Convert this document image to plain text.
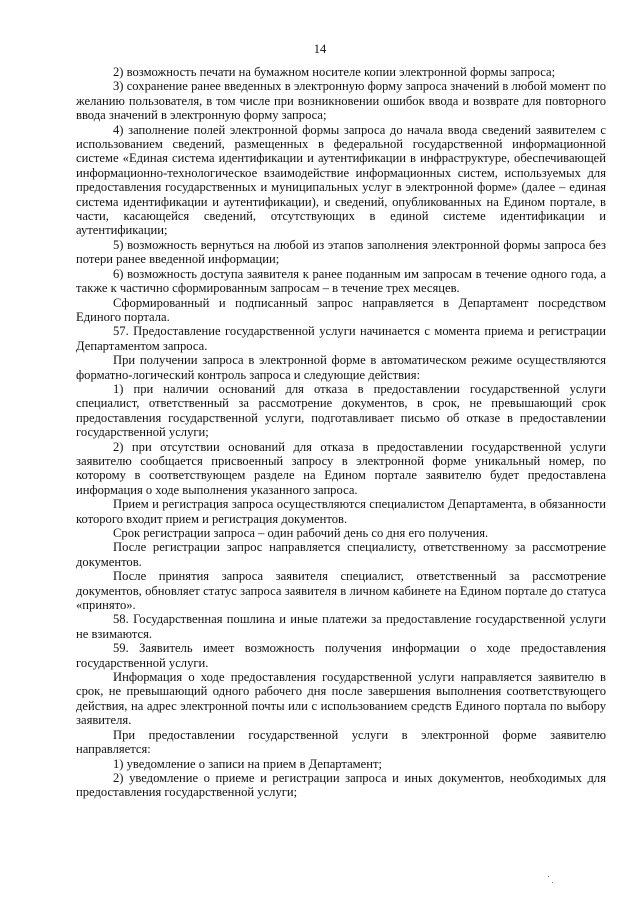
14

2) возможность печати на бумажном носителе копии электронной формы запроса;

3) сохранение ранее введенных в электронную форму запроса значений в любой момент по желанию пользователя, в том числе при возникновении ошибок ввода и возврате для повторного ввода значений в электронную форму запроса;

4) заполнение полей электронной формы запроса до начала ввода сведений заявителем с использованием сведений, размещенных в федеральной государственной информационной системе «Единая система идентификации и аутентификации в инфраструктуре, обеспечивающей информационно-технологическое взаимодействие информационных систем, используемых для предоставления государственных и муниципальных услуг в электронной форме» (далее – единая система идентификации и аутентификации), и сведений, опубликованных на Едином портале, в части, касающейся сведений, отсутствующих в единой системе идентификации и аутентификации;

5) возможность вернуться на любой из этапов заполнения электронной формы запроса без потери ранее введенной информации;

6) возможность доступа заявителя к ранее поданным им запросам в течение одного года, а также к частично сформированным запросам – в течение трех месяцев.

Сформированный и подписанный запрос направляется в Департамент посредством Единого портала.

57. Предоставление государственной услуги начинается с момента приема и регистрации Департаментом запроса.

При получении запроса в электронной форме в автоматическом режиме осуществляются форматно-логический контроль запроса и следующие действия:

1) при наличии оснований для отказа в предоставлении государственной услуги специалист, ответственный за рассмотрение документов, в срок, не превышающий срок предоставления государственной услуги, подготавливает письмо об отказе в предоставлении государственной услуги;

2) при отсутствии оснований для отказа в предоставлении государственной услуги заявителю сообщается присвоенный запросу в электронной форме уникальный номер, по которому в соответствующем разделе на Едином портале заявителю будет предоставлена информация о ходе выполнения указанного запроса.

Прием и регистрация запроса осуществляются специалистом Департамента, в обязанности которого входит прием и регистрация документов.

Срок регистрации запроса – один рабочий день со дня его получения.

После регистрации запрос направляется специалисту, ответственному за рассмотрение документов.

После принятия запроса заявителя специалист, ответственный за рассмотрение документов, обновляет статус запроса заявителя в личном кабинете на Едином портале до статуса «принято».

58. Государственная пошлина и иные платежи за предоставление государственной услуги не взимаются.

59. Заявитель имеет возможность получения информации о ходе предоставления государственной услуги.

Информация о ходе предоставления государственной услуги направляется заявителю в срок, не превышающий одного рабочего дня после завершения выполнения соответствующего действия, на адрес электронной почты или с использованием средств Единого портала по выбору заявителя.

При предоставлении государственной услуги в электронной форме заявителю направляется:

1) уведомление о записи на прием в Департамент;

2) уведомление о приеме и регистрации запроса и иных документов, необходимых для предоставления государственной услуги;
